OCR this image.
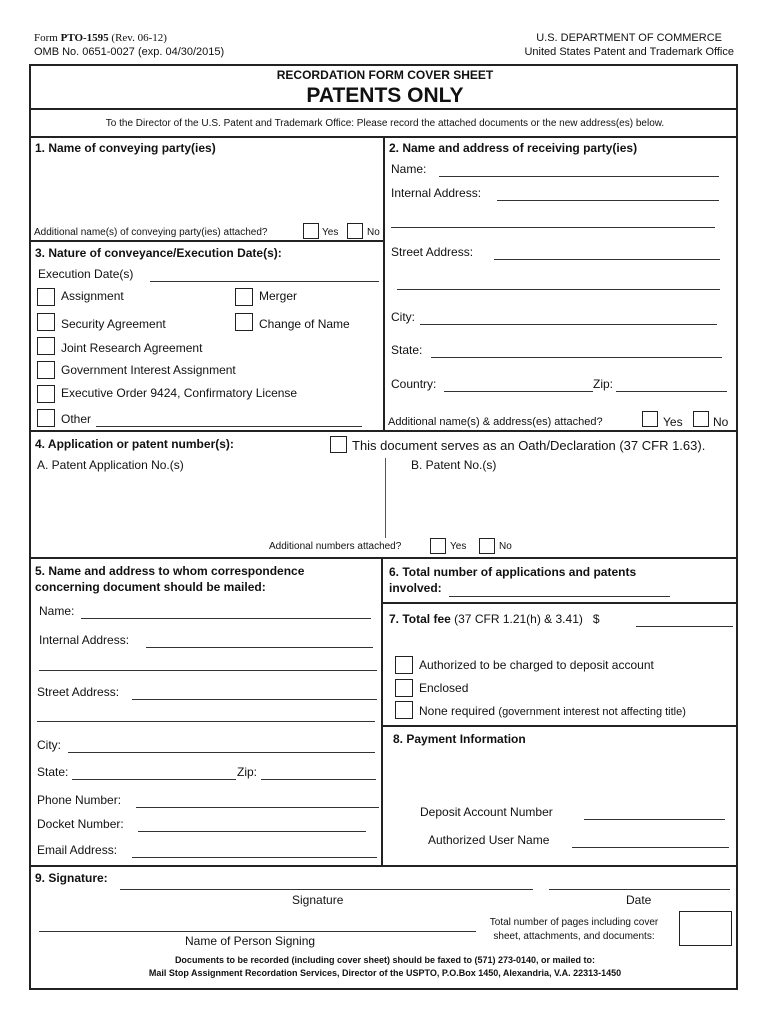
Form PTO-1595 (Rev. 06-12)
OMB No. 0651-0027 (exp. 04/30/2015)
U.S. DEPARTMENT OF COMMERCE
United States Patent and Trademark Office
RECORDATION FORM COVER SHEET
PATENTS ONLY
To the Director of the U.S. Patent and Trademark Office: Please record the attached documents or the new address(es) below.
1. Name of conveying party(ies)
Additional name(s) of conveying party(ies) attached?	Yes	No
2. Name and address of receiving party(ies)
Name:
Internal Address:
Street Address:
City:
State:
Country:	Zip:
Additional name(s) & address(es) attached?	Yes	No
3. Nature of conveyance/Execution Date(s):
Execution Date(s)
Assignment	Merger
Security Agreement	Change of Name
Joint Research Agreement
Government Interest Assignment
Executive Order 9424, Confirmatory License
Other
4. Application or patent number(s):	This document serves as an Oath/Declaration (37 CFR 1.63).
A. Patent Application No.(s)	B. Patent No.(s)
Additional numbers attached?	Yes	No
5. Name and address to whom correspondence
concerning document should be mailed:
Name:
Internal Address:
Street Address:
City:
State:	Zip:
Phone Number:
Docket Number:
Email Address:
6. Total number of applications and patents
involved:
7. Total fee (37 CFR 1.21(h) & 3.41) $
Authorized to be charged to deposit account
Enclosed
None required (government interest not affecting title)
8. Payment Information
Deposit Account Number
Authorized User Name
9. Signature:
Signature	Date
Name of Person Signing
Total number of pages including cover
sheet, attachments, and documents:
Documents to be recorded (including cover sheet) should be faxed to (571) 273-0140, or mailed to:
Mail Stop Assignment Recordation Services, Director of the USPTO, P.O.Box 1450, Alexandria, V.A. 22313-1450
